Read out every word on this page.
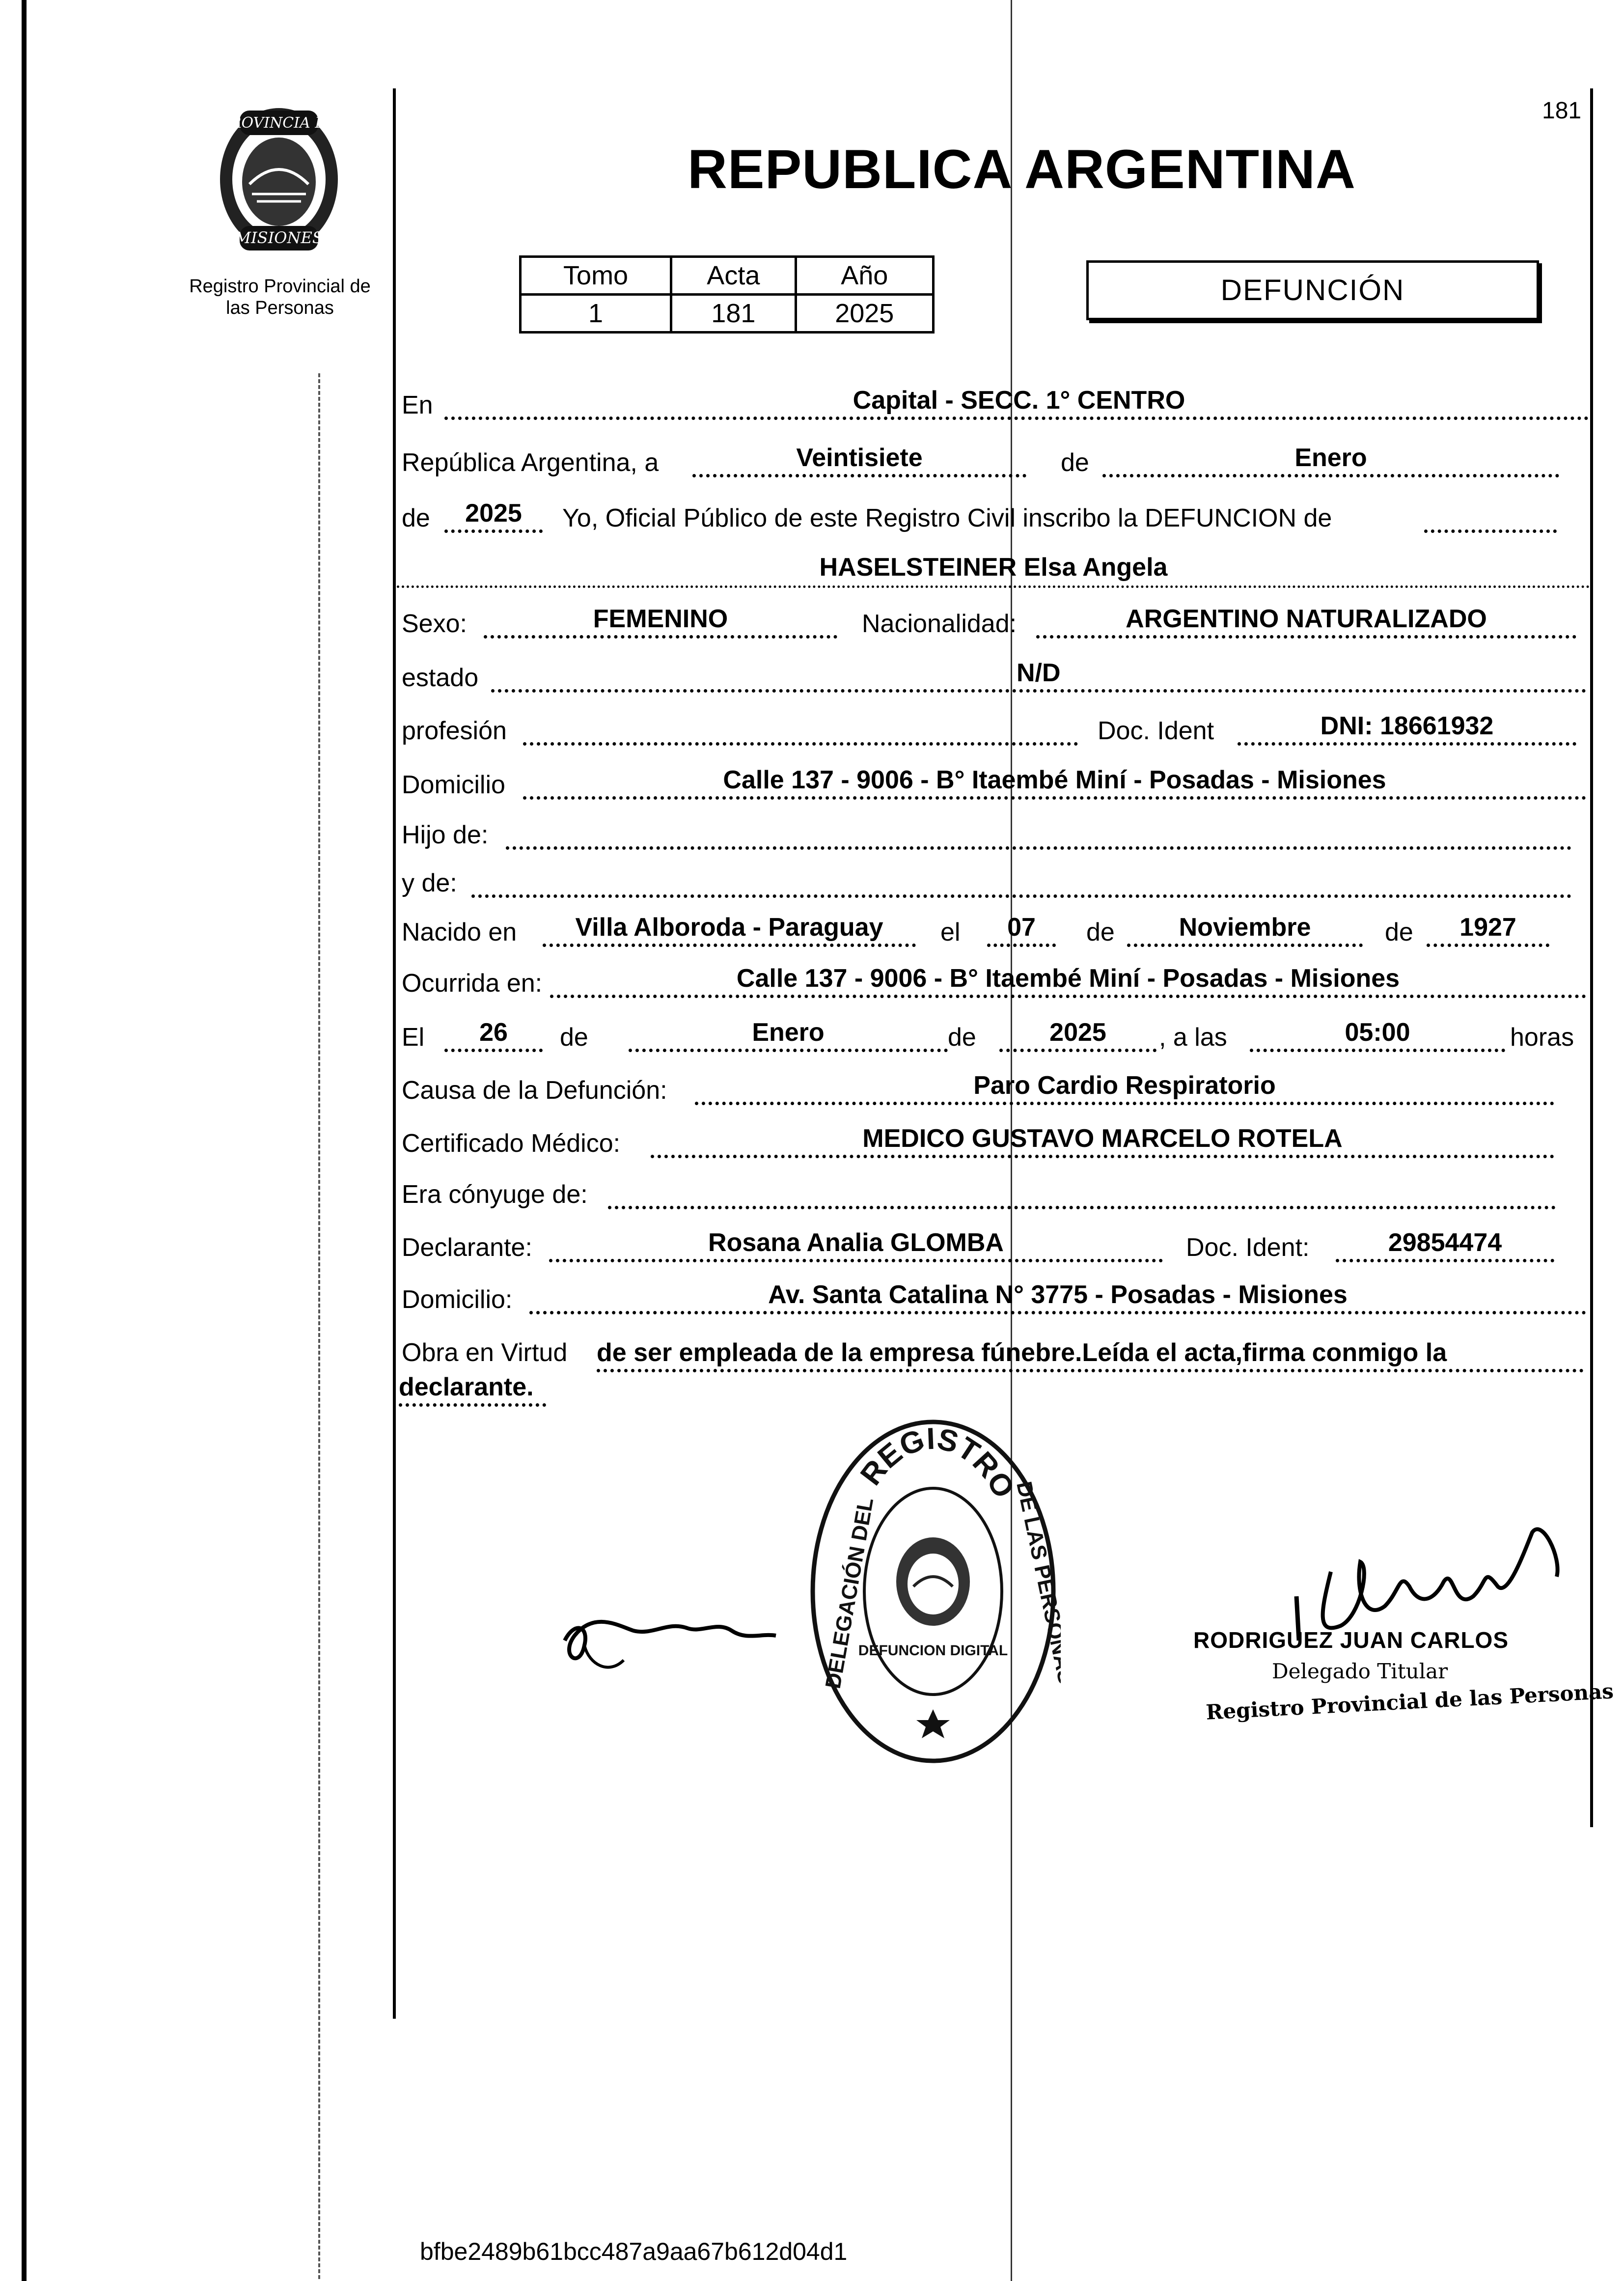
181
PROVINCIA DE
MISIONES
Registro Provincial de
las Personas
REPUBLICA ARGENTINA
Tomo	Acta	Año
1	181	2025
DEFUNCIÓN
En	Capital - SECC. 1° CENTRO
República Argentina, a	Veintisiete	de	Enero
de	2025	Yo, Oficial Público de este Registro Civil inscribo la DEFUNCION de
HASELSTEINER Elsa Angela
Sexo:	FEMENINO	Nacionalidad:	ARGENTINO NATURALIZADO
estado	N/D
profesión	Doc. Ident	DNI: 18661932
Domicilio	Calle 137 - 9006 - B° Itaembé Miní - Posadas - Misiones
Hijo de:
y de:
Nacido en	Villa Alboroda - Paraguay	el	07	de	Noviembre	de	1927
Ocurrida en:	Calle 137 - 9006 - B° Itaembé Miní - Posadas - Misiones
El	26	de	Enero	de	2025	, a las	05:00	horas
Causa de la Defunción:	Paro Cardio Respiratorio
Certificado Médico:	MEDICO GUSTAVO MARCELO ROTELA
Era cónyuge de:
Declarante:	Rosana Analia GLOMBA	Doc. Ident:	29854474
Domicilio:	Av. Santa Catalina N° 3775 - Posadas - Misiones
Obra en Virtud de ser empleada de la empresa fúnebre.Leída el acta,firma conmigo la
declarante.
REGISTRO
DELEGACIÓN DEL	DE LAS PERSONAS
DEFUNCION DIGITAL	RODRIGUEZ JUAN CARLOS
Delegado Titular
Registro Provincial de las Personas
bfbe2489b61bcc487a9aa67b612d04d1
